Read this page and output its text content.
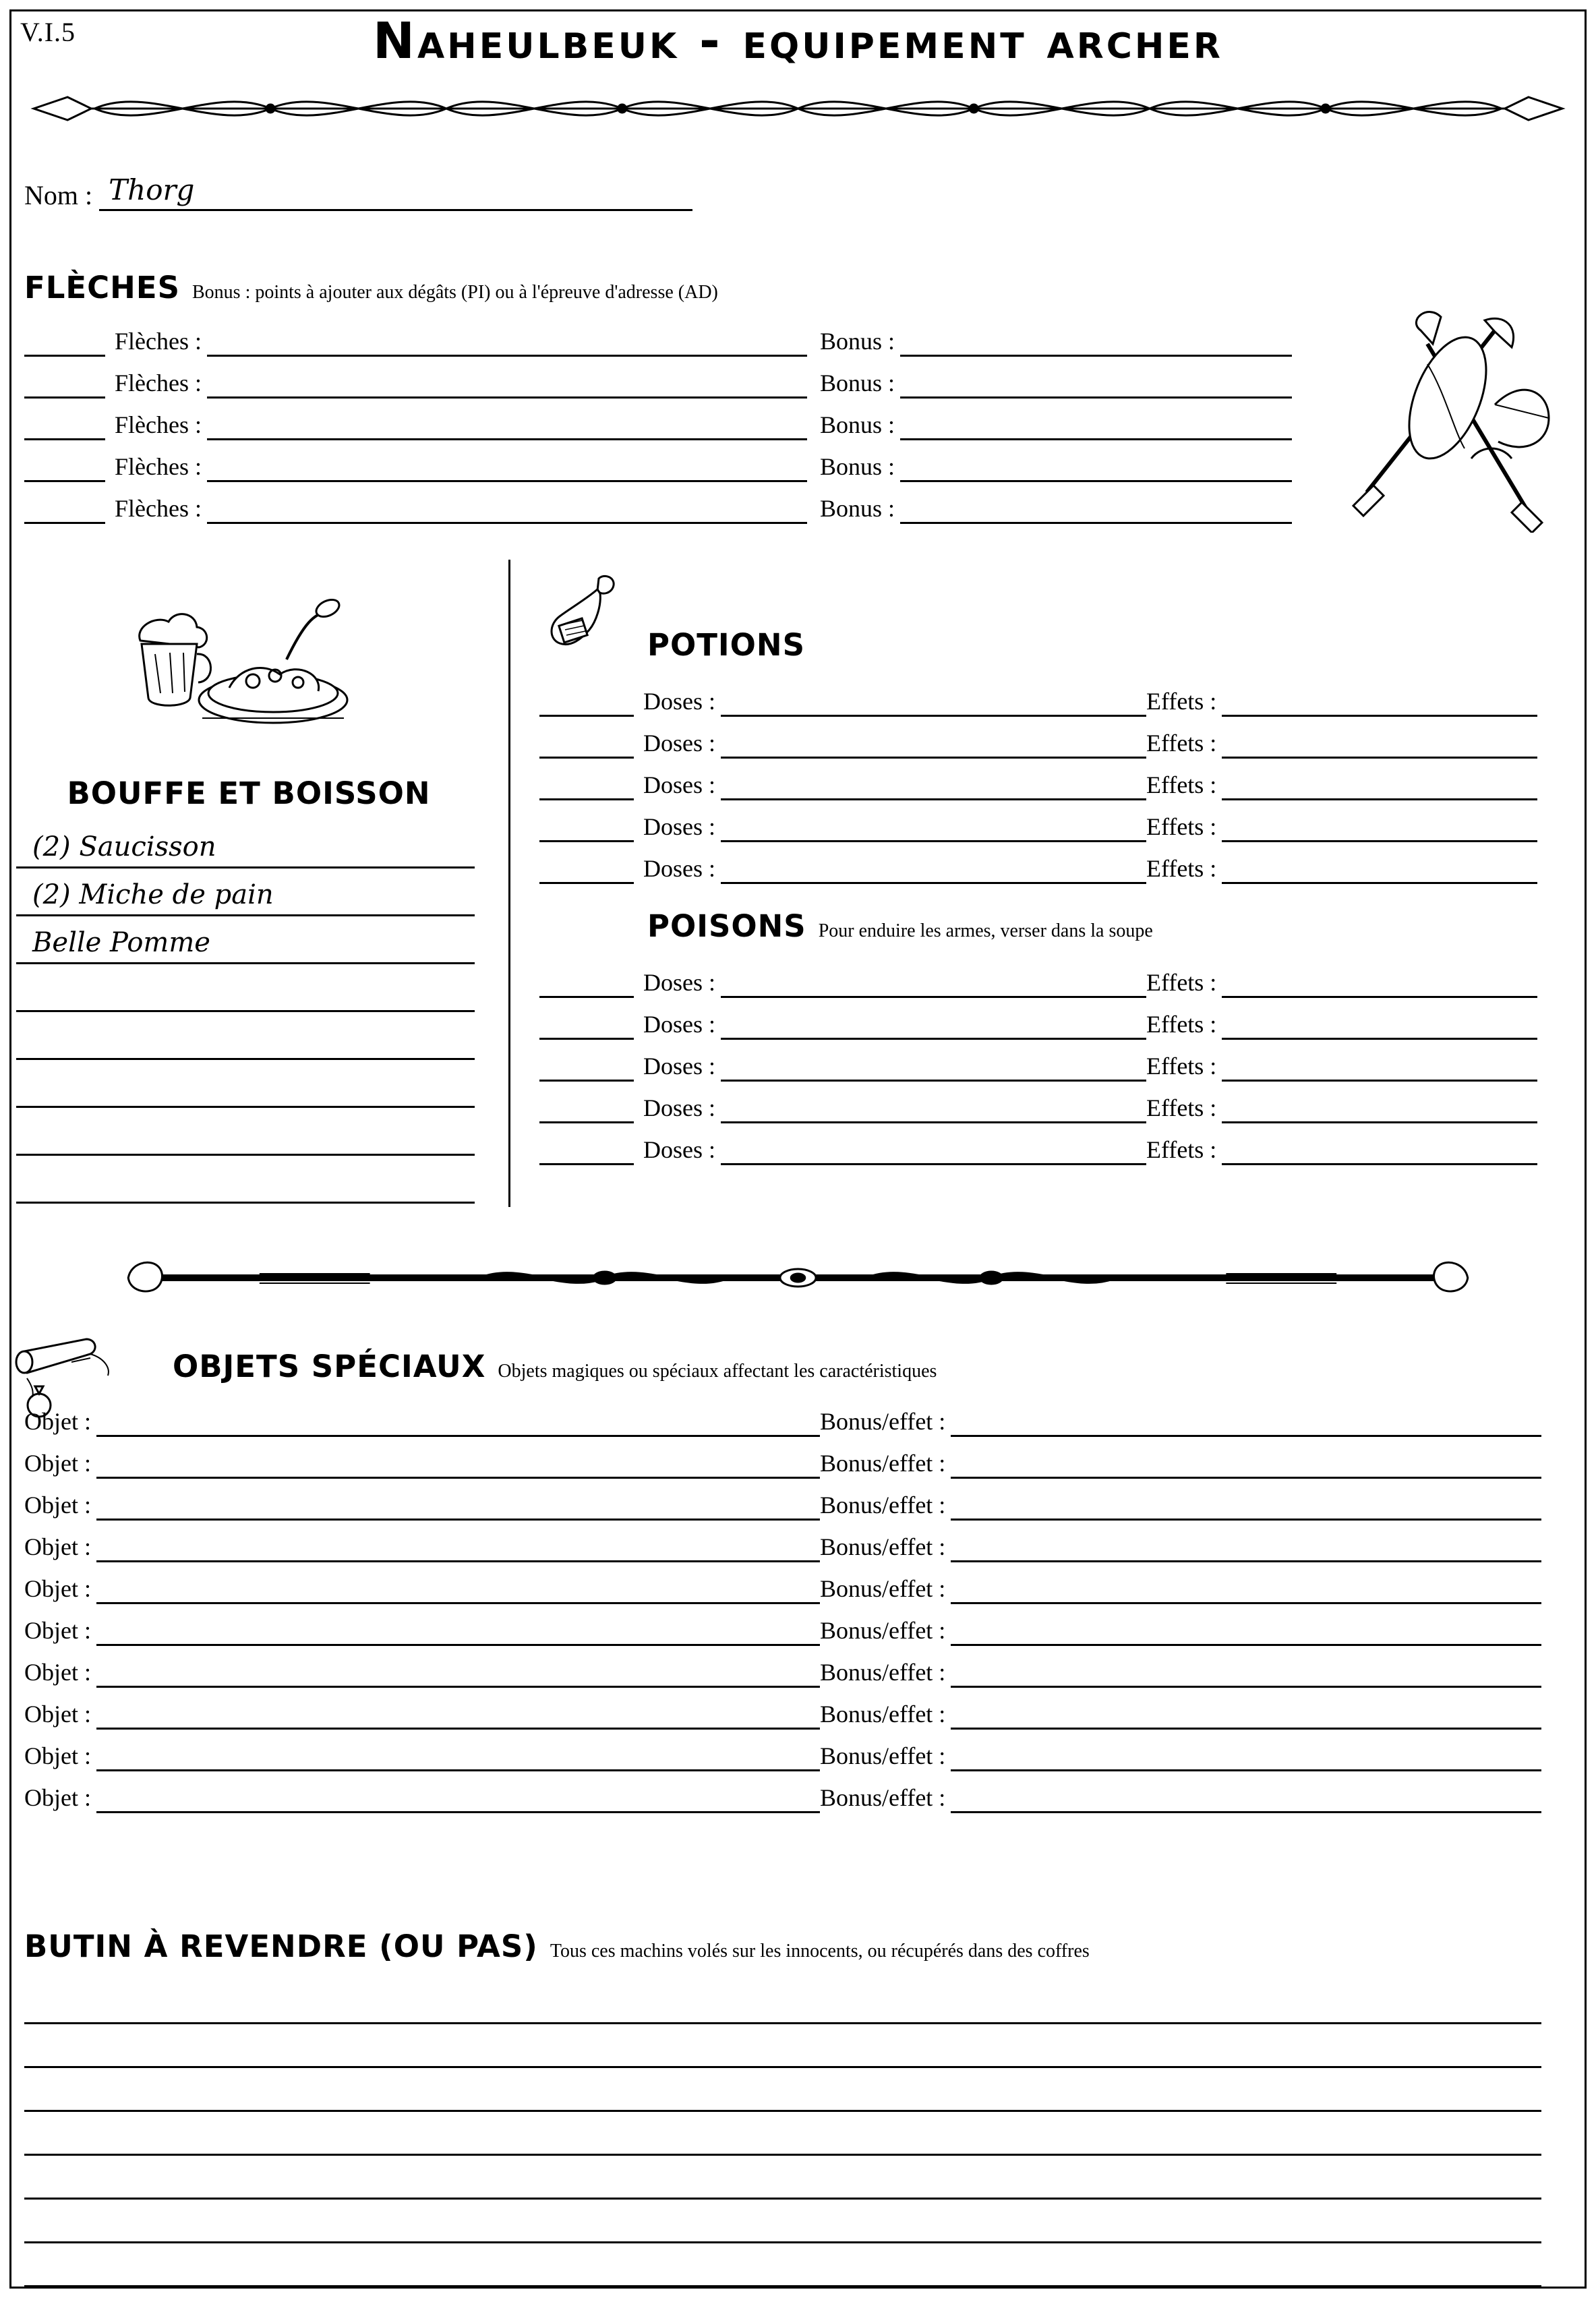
V.I.5	naheulbeuk - equipement archer
Nom : Thorg
FLÈCHES Bonus : points à ajouter aux dégâts (PI) ou à l'épreuve d'adresse (AD)
Flèches :	Bonus :
Flèches :	Bonus :
Flèches :	Bonus :
Flèches :	Bonus :
Flèches :	Bonus :
BOUFFE ET BOISSON
(2) Saucisson
(2) Miche de pain
Belle Pomme
POTIONS
Doses :	Effets :
Doses :	Effets :
Doses :	Effets :
Doses :	Effets :
Doses :	Effets :
POISONS Pour enduire les armes, verser dans la soupe
Doses :	Effets :
Doses :	Effets :
Doses :	Effets :
Doses :	Effets :
Doses :	Effets :
OBJETS SPÉCIAUX Objets magiques ou spéciaux affectant les caractéristiques
Objet :	Bonus/effet :
Objet :	Bonus/effet :
Objet :	Bonus/effet :
Objet :	Bonus/effet :
Objet :	Bonus/effet :
Objet :	Bonus/effet :
Objet :	Bonus/effet :
Objet :	Bonus/effet :
Objet :	Bonus/effet :
Objet :	Bonus/effet :
BUTIN À REVENDRE (OU PAS) Tous ces machins volés sur les innocents, ou récupérés dans des coffres
